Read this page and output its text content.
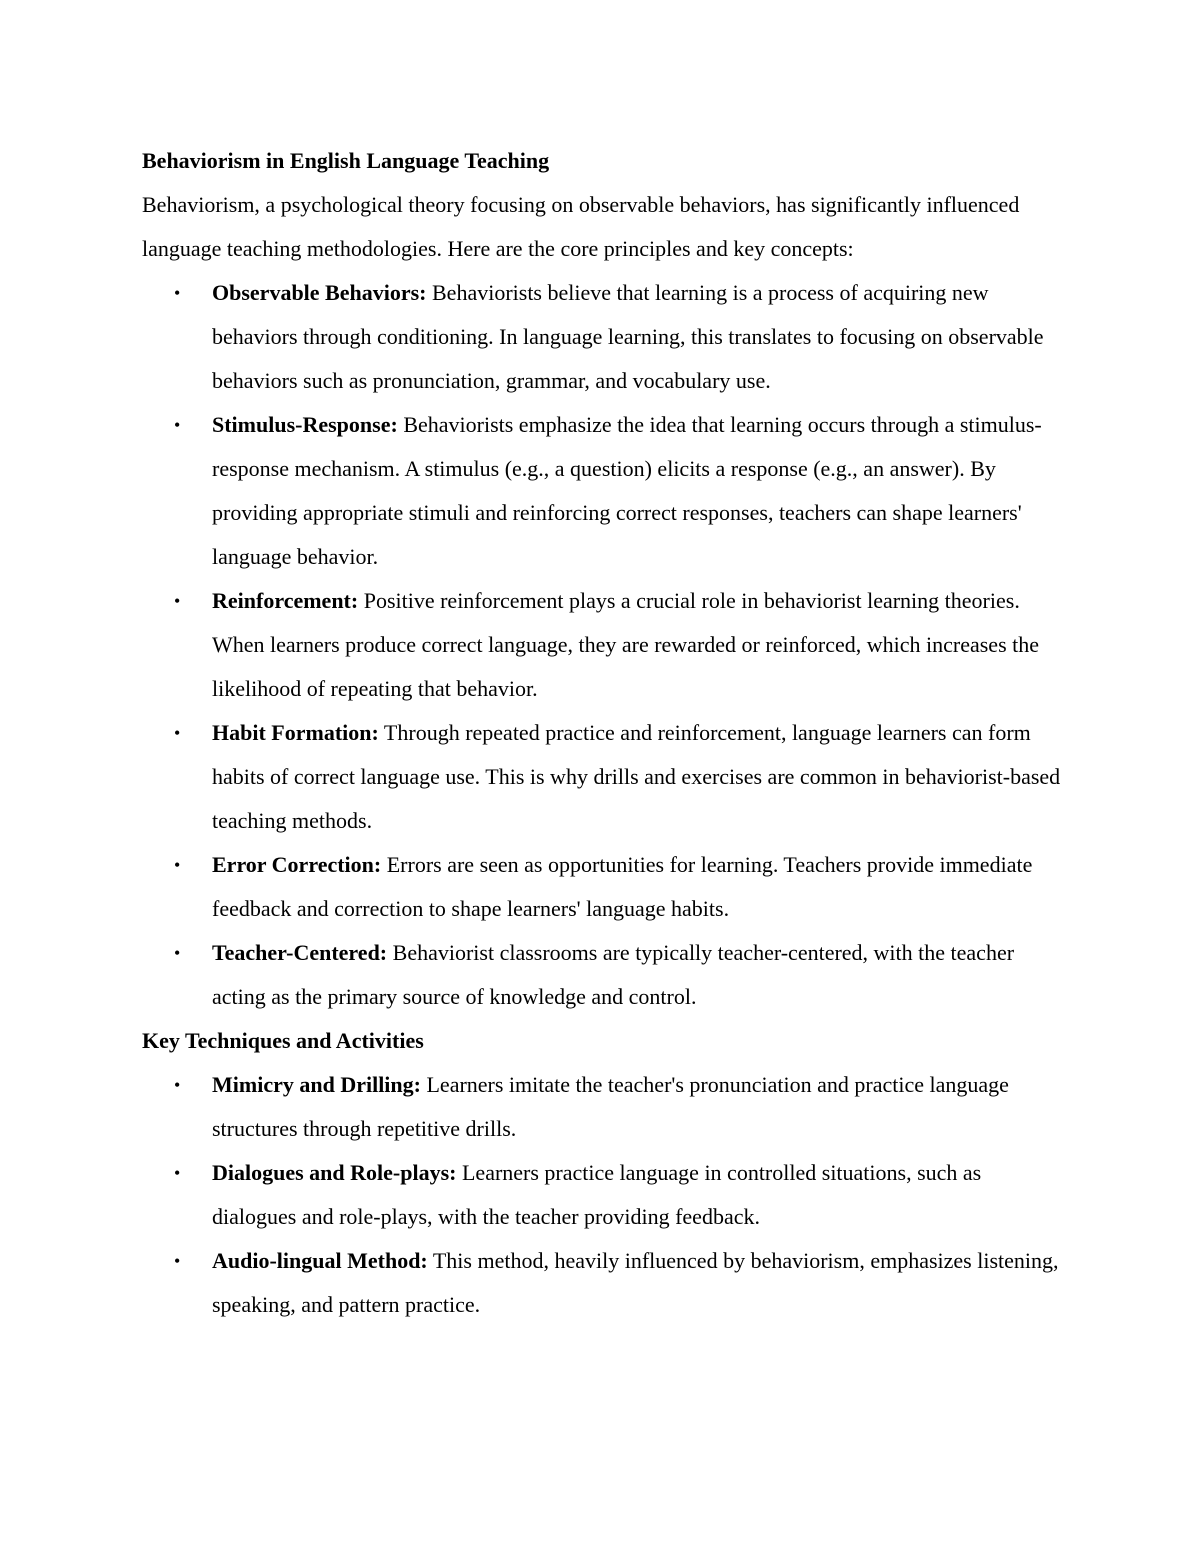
Behaviorism in English Language Teaching

Behaviorism, a psychological theory focusing on observable behaviors, has significantly influenced language teaching methodologies. Here are the core principles and key concepts:

• Observable Behaviors: Behaviorists believe that learning is a process of acquiring new behaviors through conditioning. In language learning, this translates to focusing on observable behaviors such as pronunciation, grammar, and vocabulary use.
• Stimulus-Response: Behaviorists emphasize the idea that learning occurs through a stimulus-response mechanism. A stimulus (e.g., a question) elicits a response (e.g., an answer). By providing appropriate stimuli and reinforcing correct responses, teachers can shape learners' language behavior.
• Reinforcement: Positive reinforcement plays a crucial role in behaviorist learning theories. When learners produce correct language, they are rewarded or reinforced, which increases the likelihood of repeating that behavior.
• Habit Formation: Through repeated practice and reinforcement, language learners can form habits of correct language use. This is why drills and exercises are common in behaviorist-based teaching methods.
• Error Correction: Errors are seen as opportunities for learning. Teachers provide immediate feedback and correction to shape learners' language habits.
• Teacher-Centered: Behaviorist classrooms are typically teacher-centered, with the teacher acting as the primary source of knowledge and control.

Key Techniques and Activities

• Mimicry and Drilling: Learners imitate the teacher's pronunciation and practice language structures through repetitive drills.
• Dialogues and Role-plays: Learners practice language in controlled situations, such as dialogues and role-plays, with the teacher providing feedback.
• Audio-lingual Method: This method, heavily influenced by behaviorism, emphasizes listening, speaking, and pattern practice.
